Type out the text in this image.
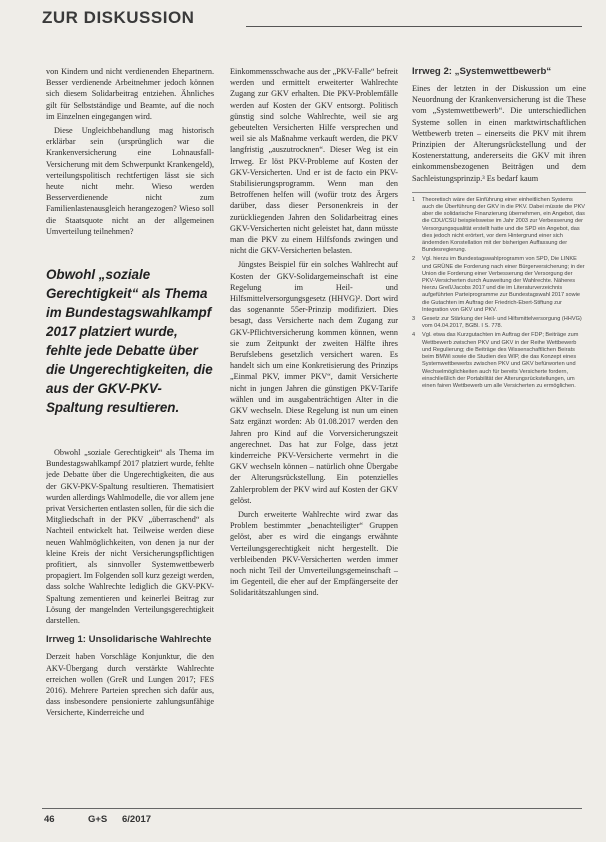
ZUR DISKUSSION

von Kindern und nicht verdienenden Ehepartnern. Besser verdienende Arbeitnehmer jedoch können sich diesem Solidarbeitrag entziehen. Ähnliches gilt für Selbstständige und Beamte, auf die noch im Einzelnen eingegangen wird.

Diese Ungleichbehandlung mag historisch erklärbar sein (ursprünglich war die Krankenversicherung eine Lohnausfall-Versicherung mit dem Schwerpunkt Krankengeld), verteilungspolitisch rechtfertigen lässt sie sich heute nicht mehr. Wieso werden Besserverdienende nicht zum Familienlastenausgleich herangezogen? Wieso soll die Staatsquote nicht an der allgemeinen Umverteilung teilnehmen?

Obwohl „soziale Gerechtigkeit“ als Thema im Bundestagswahlkampf 2017 platziert wurde, fehlte jede Debatte über die Ungerechtigkeiten, die aus der GKV-PKV-Spaltung resultieren.

Obwohl „soziale Gerechtigkeit“ als Thema im Bundestagswahlkampf 2017 platziert wurde, fehlte jede Debatte über die Ungerechtigkeiten, die aus der GKV-PKV-Spaltung resultieren. Thematisiert wurden allerdings Wahlmodelle, die vor allem jene privat Versicherten entlasten sollen, für die sich die Mitgliedschaft in der PKV „überraschend“ als Nachteil entwickelt hat. Teilweise werden diese neuen Wahlmöglichkeiten, von denen ja nur der kleine Kreis der nicht Versicherungspflichtigen profitiert, als sinnvoller Systemwettbewerb propagiert. Im Folgenden soll kurz gezeigt werden, dass solche Wahlrechte lediglich die GKV-PKV-Spaltung zementieren und keinerlei Beitrag zur Lösung der mangelnden Verteilungsgerechtigkeit darstellen.

Irrweg 1: Unsolidarische Wahlrechte

Derzeit haben Vorschläge Konjunktur, die den AKV-Übergang durch verstärkte Wahlrechte erreichen wollen (GreR und Lungen 2017; FES 2016). Mehrere Parteien sprechen sich dafür aus, dass insbesondere pensionierte zahlungsunfähige Versicherte, Kinderreiche und

Einkommensschwache aus der „PKV-Falle“ befreit werden und ermittelt erweiterter Wahlrechte Zugang zur GKV erhalten. Die PKV-Problemfälle werden auf Kosten der GKV entsorgt. Politisch günstig sind solche Wahlrechte, weil sie arg gebeutelten Versicherten Hilfe versprechen und weil sie als Maßnahme verkauft werden, die PKV langfristig „auszutrocknen“. Dieser Weg ist ein Irrweg. Er löst PKV-Probleme auf Kosten der GKV-Versicherten. Und er ist de facto ein PKV-Stabilisierungsprogramm. Wenn man den Betroffenen helfen will (wofür trotz des Ärgers darüber, dass dieser Personenkreis in der zurückliegenden Jahren den Solidarbeitrag eines GKV-Versicherten nicht geleistet hat, dann müsste man die PKV zu einem Hilfsfonds zwingen und nicht die GKV-Versicherten belasten.

Jüngstes Beispiel für ein solches Wahlrecht auf Kosten der GKV-Solidargemeinschaft ist eine Regelung im Heil- und Hilfsmittelversorgungsgesetz (HHVG)². Dort wird das sogenannte 55er-Prinzip modifiziert. Dies besagt, dass Versicherte nach dem Zugang zur GKV-Pflichtversicherung kommen können, wenn sie zum Zeitpunkt der zweiten Hälfte ihres Berufslebens gesetzlich versichert waren. Es handelt sich um eine Konkretisierung des Prinzips „Einmal PKV, immer PKV“, damit Versicherte nicht in jungen Jahren die günstigen PKV-Tarife wählen und im ausgabenträchtigen Alter in die GKV wechseln. Diese Regelung ist nun um einen Satz ergänzt worden: Ab 01.08.2017 werden den Jahren pro Kind auf die Vorversicherungszeit angerechnet. Das hat zur Folge, dass jetzt kinderreiche PKV-Versicherte vermehrt in die GKV wechseln können – natürlich ohne Übergabe der Alterungsrückstellung. Ein potenzielles Zahlerproblem der PKV wird auf Kosten der GKV gelöst.

Durch erweiterte Wahlrechte wird zwar das Problem bestimmter „benachteiligter“ Gruppen gelöst, aber es wird die eingangs erwähnte Verteilungsgerechtigkeit nicht hergestellt. Die verbleibenden PKV-Versicherten werden immer noch nicht Teil der Umverteilungsgemeinschaft – im Gegenteil, die eher auf der Empfängerseite der Solidaritätszahlungen sind.

Irrweg 2: „Systemwettbewerb“

Eines der letzten in der Diskussion um eine Neuordnung der Krankenversicherung ist die These vom „Systemwettbewerb“. Die unterschiedlichen Systeme sollen in einen marktwirtschaftlichen Wettbewerb treten – einerseits die PKV mit ihrem Prinzipien der Alterungsrückstellung und der Kostenerstattung, andererseits die GKV mit ihren einkommensbezogenen Beiträgen und dem Sachleistungsprinzip.³ Es bedarf kaum

1	Theoretisch wäre der Einführung einer einheitlichen Systems auch die Überführung der GKV in die PKV. Dabei müsste die PKV aber die solidarische Finanzierung übernehmen, ein Angebot, das die CDU/CSU beispielsweise im Jahr 2003 zur Verbesserung der Versorgungsqualität erstellt hatte und die SPD ein Angebot, das dies jedoch nicht erörtert, vor dem Hintergrund einer sich ändernden Konstellation mit der bisherigen Auffassung der Bundesregierung.
2	Vgl. hierzu im Bundestagswahlprogramm von SPD, Die LINKE und GRÜNE die Forderung nach einer Bürgerversicherung; in der Union die Forderung einer Verbesserung der Versorgung der PKV-Versicherten durch Ausweitung der Wahlrechte. Näheres hierzu Greß/Jacobs 2017 und die im Literaturverzeichnis aufgeführten Parteiprogramme zur Bundestagswahl 2017 sowie die Gutachten im Auftrag der Friedrich-Ebert-Stiftung zur Integration von GKV und PKV.
3	Gesetz zur Stärkung der Heil- und Hilfsmittelversorgung (HHVG) vom 04.04.2017, BGBl. I S. 778.
4	Vgl. etwa das Kurzgutachten im Auftrag der FDP; Beiträge zum Wettbewerb zwischen PKV und GKV in der Reihe Wettbewerb und Regulierung; die Beiträge des Wissenschaftlichen Beirats beim BMWi sowie die Studien des WIP, die das Konzept eines Systemwettbewerbs zwischen PKV und GKV befürworten und Wechselmöglichkeiten auch für bereits Versicherte fordern, einschließlich der Portabilität der Alterungsrückstellungen, um einen fairen Wettbewerb um alle Versicherten zu ermöglichen.
46	G+S 6/2017
